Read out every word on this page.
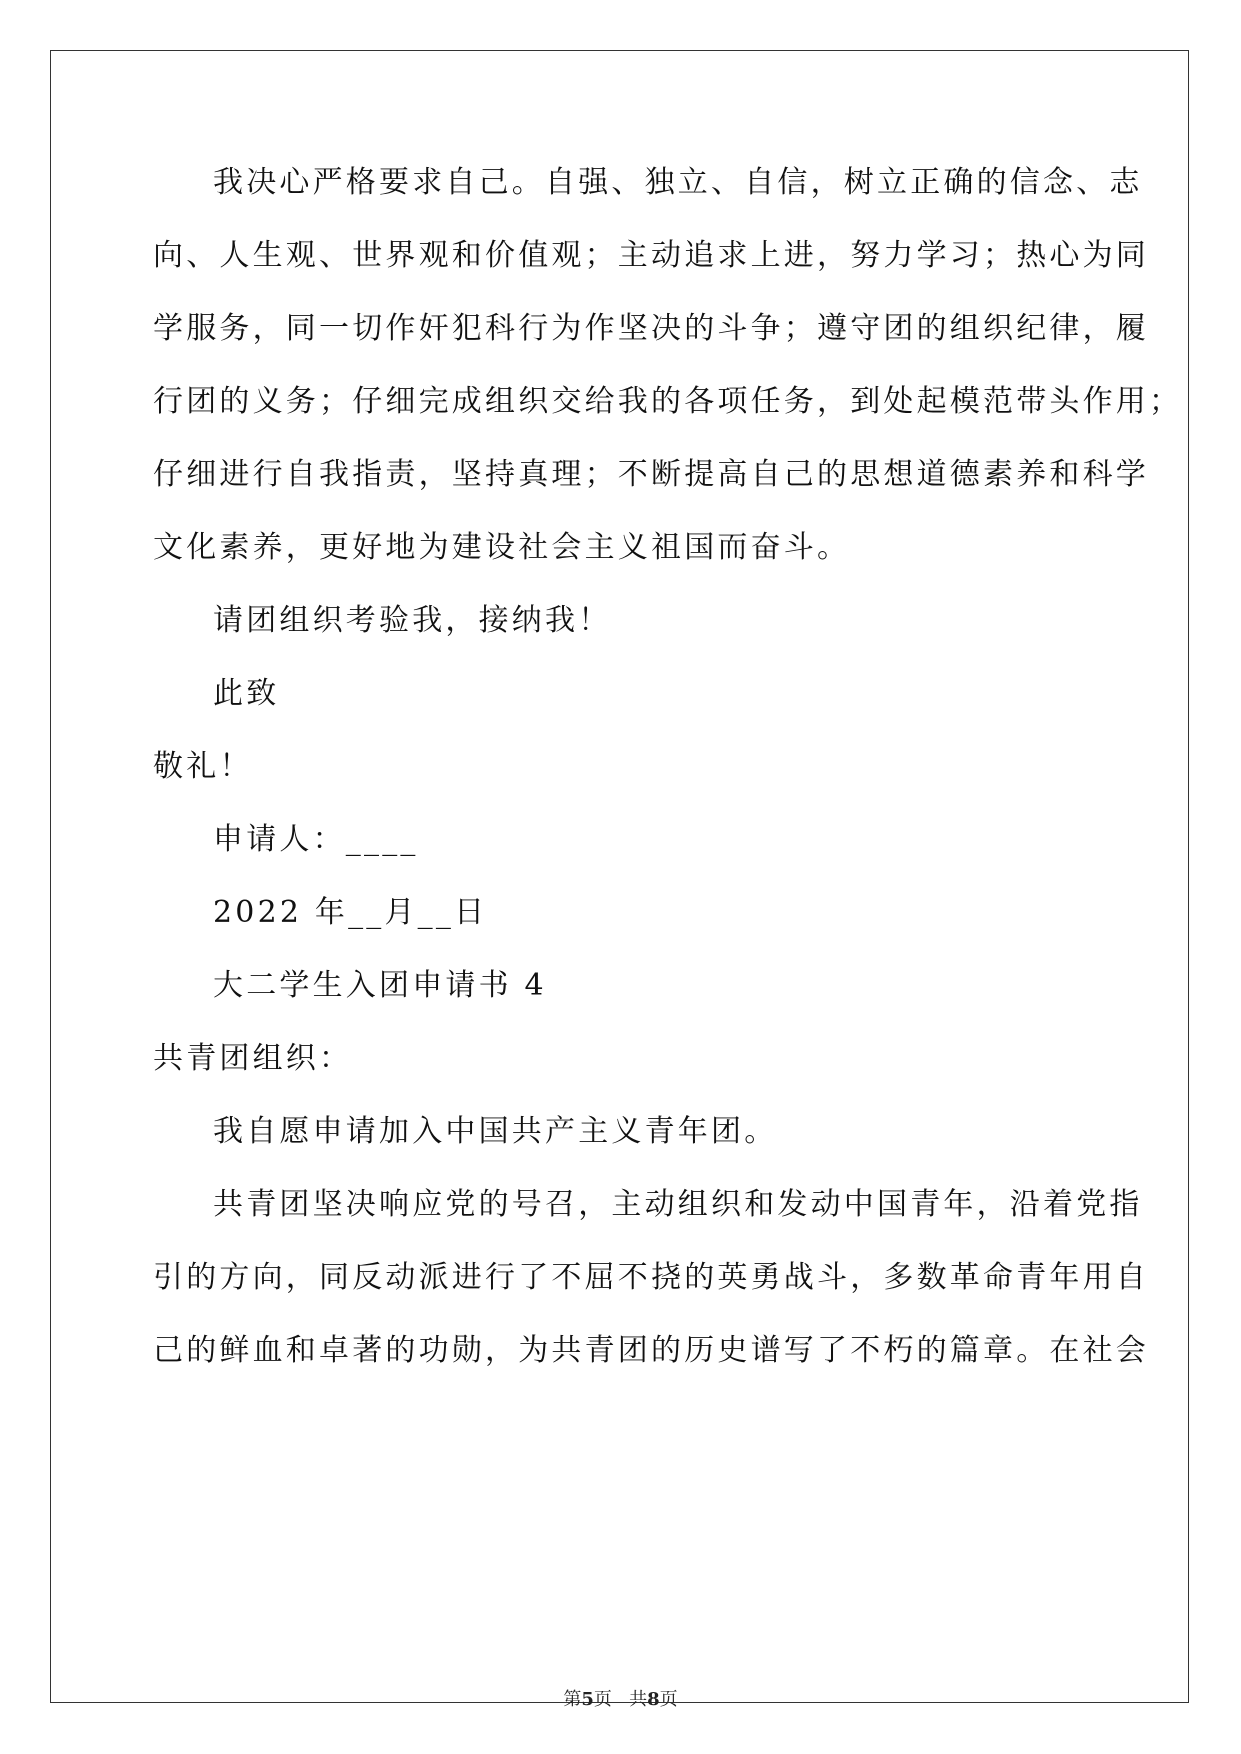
我决心严格要求自己。自强、独立、自信，树立正确的信念、志
向、人生观、世界观和价值观；主动追求上进，努力学习；热心为同
学服务，同一切作奸犯科行为作坚决的斗争；遵守团的组织纪律，履
行团的义务；仔细完成组织交给我的各项任务，到处起模范带头作用；
仔细进行自我指责，坚持真理；不断提高自己的思想道德素养和科学
文化素养，更好地为建设社会主义祖国而奋斗。
请团组织考验我，接纳我！
此致
敬礼！
申请人：____
2022 年__月__日
大二学生入团申请书 4
共青团组织：
我自愿申请加入中国共产主义青年团。
共青团坚决响应党的号召，主动组织和发动中国青年，沿着党指
引的方向，同反动派进行了不屈不挠的英勇战斗，多数革命青年用自
己的鲜血和卓著的功勋，为共青团的历史谱写了不朽的篇章。在社会
第5页 共8页
